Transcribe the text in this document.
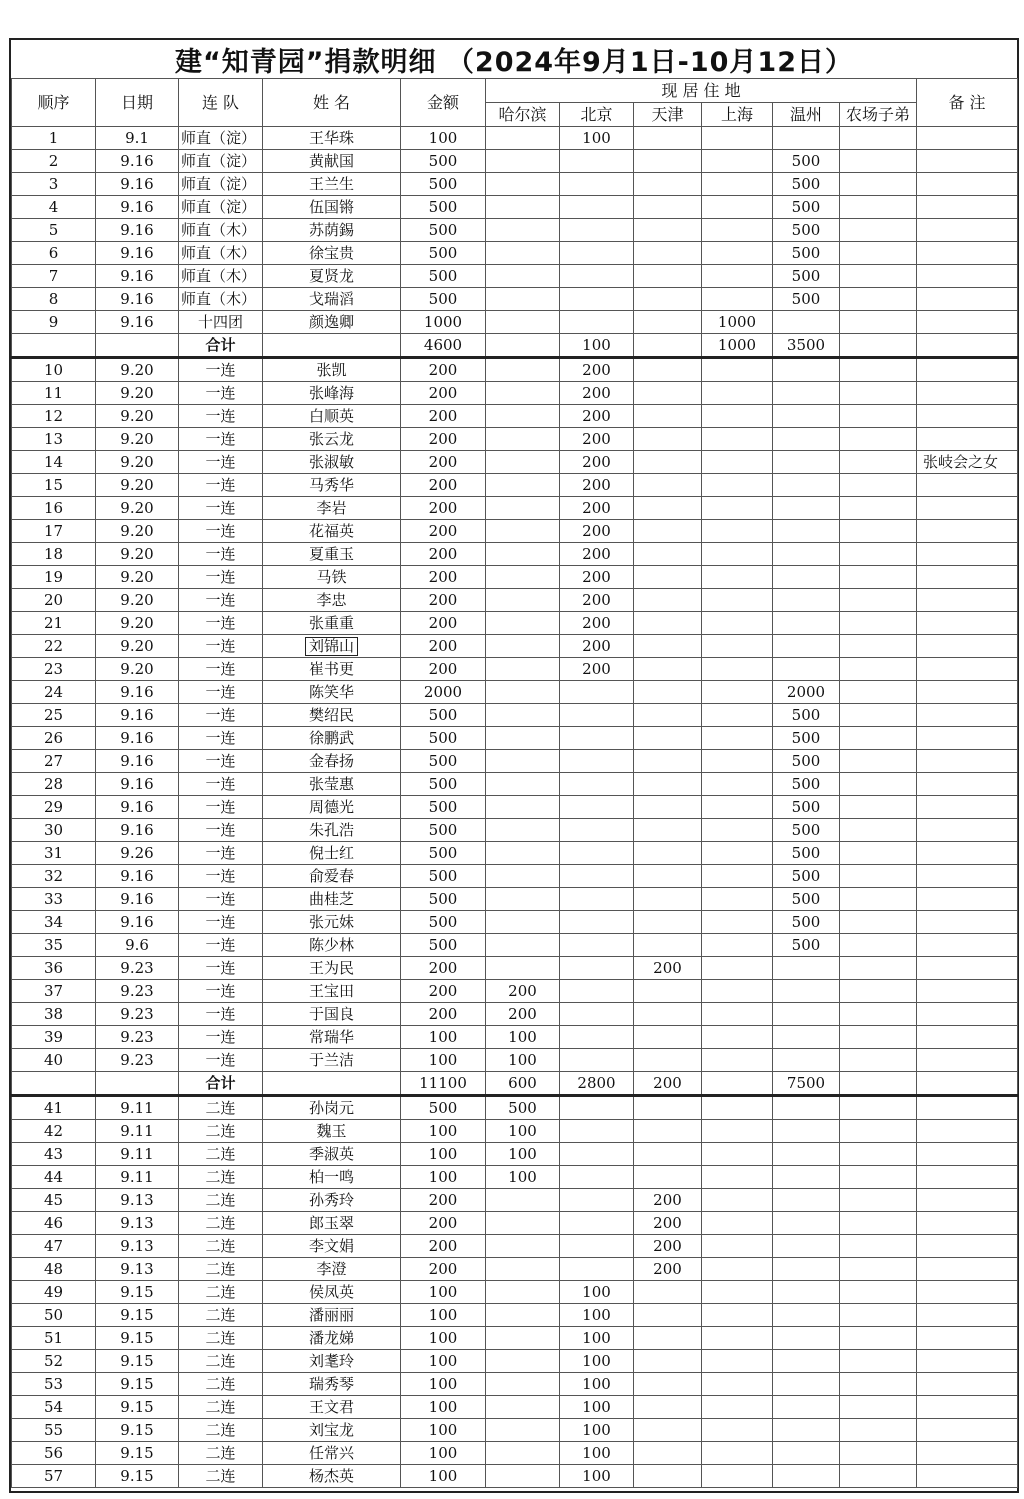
建“知青园”捐款明细 （2024年9月1日-10月12日）
顺序	日期	连 队	姓 名	金额	现 居 住 地						备 注
					哈尔滨	北京	天津	上海	温州	农场子弟	
1	9.1	师直（淀）	王华珠	100		100					
2	9.16	师直（淀）	黄献国	500					500		
3	9.16	师直（淀）	王兰生	500					500		
4	9.16	师直（淀）	伍国锵	500					500		
5	9.16	师直（木）	苏荫錫	500					500		
6	9.16	师直（木）	徐宝贵	500					500		
7	9.16	师直（木）	夏贤龙	500					500		
8	9.16	师直（木）	戈瑞滔	500					500		
9	9.16	十四团	颜逸卿	1000				1000			
		合计		4600		100		1000	3500		
10	9.20	一连	张凯	200		200					
11	9.20	一连	张峰海	200		200					
12	9.20	一连	白顺英	200		200					
13	9.20	一连	张云龙	200		200					
14	9.20	一连	张淑敏	200		200					张岐会之女
15	9.20	一连	马秀华	200		200					
16	9.20	一连	李岩	200		200					
17	9.20	一连	花福英	200		200					
18	9.20	一连	夏重玉	200		200					
19	9.20	一连	马铁	200		200					
20	9.20	一连	李忠	200		200					
21	9.20	一连	张重重	200		200					
22	9.20	一连	刘锦山	200		200					
23	9.20	一连	崔书更	200		200					
24	9.16	一连	陈笑华	2000					2000		
25	9.16	一连	樊绍民	500					500		
26	9.16	一连	徐鹏武	500					500		
27	9.16	一连	金春扬	500					500		
28	9.16	一连	张莹惠	500					500		
29	9.16	一连	周德光	500					500		
30	9.16	一连	朱孔浩	500					500		
31	9.26	一连	倪士红	500					500		
32	9.16	一连	俞爱春	500					500		
33	9.16	一连	曲桂芝	500					500		
34	9.16	一连	张元妹	500					500		
35	9.6	一连	陈少林	500					500		
36	9.23	一连	王为民	200			200				
37	9.23	一连	王宝田	200	200						
38	9.23	一连	于国良	200	200						
39	9.23	一连	常瑞华	100	100						
40	9.23	一连	于兰洁	100	100						
		合计		11100	600	2800	200		7500		
41	9.11	二连	孙岗元	500	500						
42	9.11	二连	魏玉	100	100						
43	9.11	二连	季淑英	100	100						
44	9.11	二连	柏一鸣	100	100						
45	9.13	二连	孙秀玲	200			200				
46	9.13	二连	郎玉翠	200			200				
47	9.13	二连	李文娟	200			200				
48	9.13	二连	李澄	200			200				
49	9.15	二连	侯凤英	100		100					
50	9.15	二连	潘丽丽	100		100					
51	9.15	二连	潘龙娣	100		100					
52	9.15	二连	刘耄玲	100		100					
53	9.15	二连	瑞秀琴	100		100					
54	9.15	二连	王文君	100		100					
55	9.15	二连	刘宝龙	100		100					
56	9.15	二连	任常兴	100		100					
57	9.15	二连	杨杰英	100		100					
